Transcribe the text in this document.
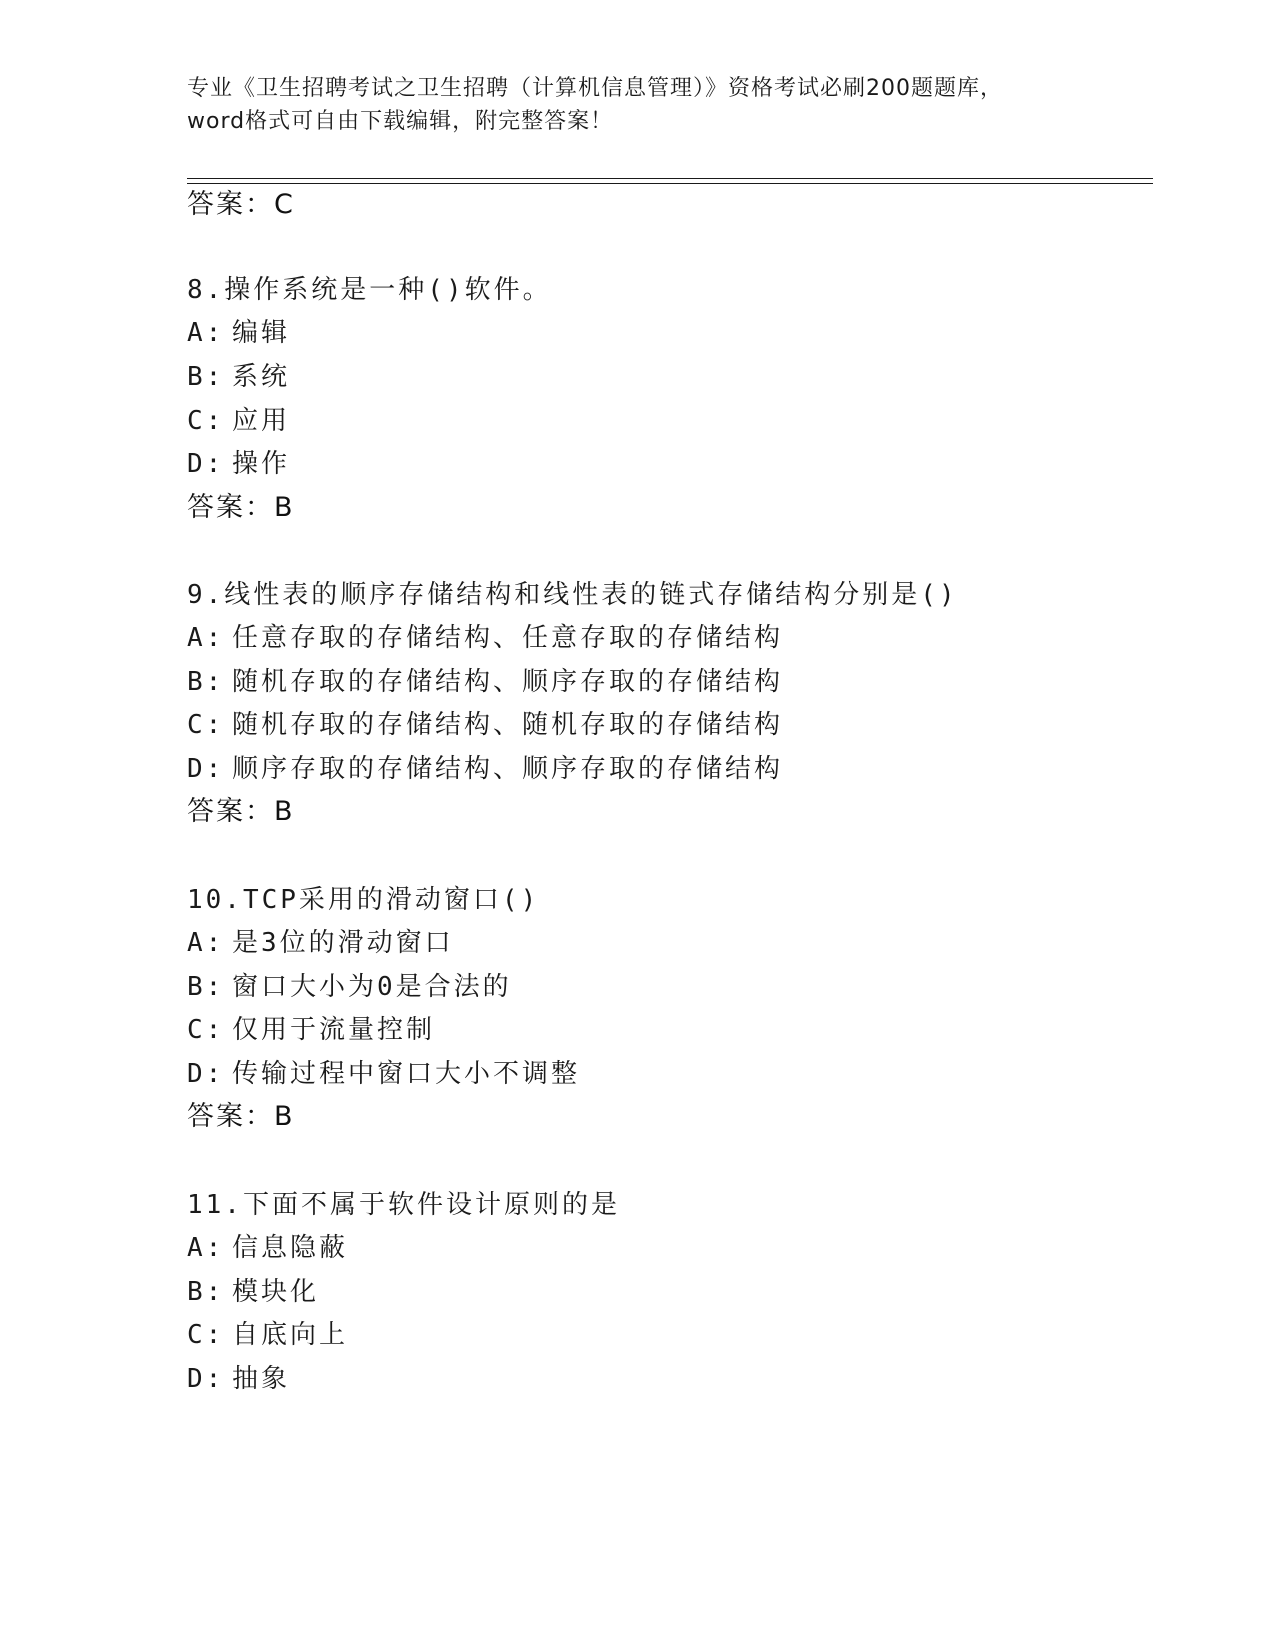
专业《卫生招聘考试之卫生招聘（计算机信息管理）》资格考试必刷200题题库，
word格式可自由下载编辑，附完整答案！
答案：C
8.操作系统是一种()软件。
A: 编辑
B: 系统
C: 应用
D: 操作
答案：B
9.线性表的顺序存储结构和线性表的链式存储结构分别是()
A: 任意存取的存储结构、任意存取的存储结构
B: 随机存取的存储结构、顺序存取的存储结构
C: 随机存取的存储结构、随机存取的存储结构
D: 顺序存取的存储结构、顺序存取的存储结构
答案：B
10.TCP采用的滑动窗口()
A: 是3位的滑动窗口
B: 窗口大小为0是合法的
C: 仅用于流量控制
D: 传输过程中窗口大小不调整
答案：B
11.下面不属于软件设计原则的是
A: 信息隐蔽
B: 模块化
C: 自底向上
D: 抽象
